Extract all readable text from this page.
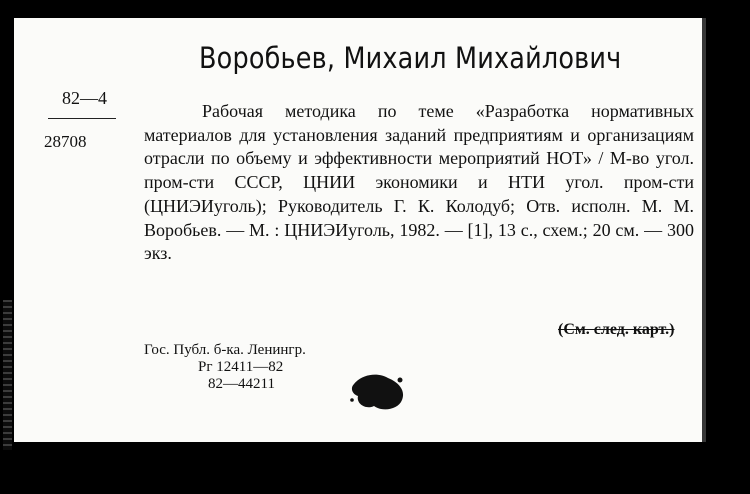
Воробьев, Михаил Михайлович
82—4
28708
Рабочая методика по теме «Разработка нормативных материалов для установления заданий предприятиям и организациям отрасли по объему и эффективности мероприятий НОТ» / М-во угол. пром-сти СССР, ЦНИИ экономики и НТИ угол. пром-сти (ЦНИЭИуголь); Руководитель Г. К. Колодуб; Отв. исполн. М. М. Воробьев. — М. : ЦНИЭИуголь, 1982. — [1], 13 с., схем.; 20 см. — 300 экз.
(См. след. карт.)
Гос. Публ. б-ка. Ленингр.
Рг 12411—82
82—44211
